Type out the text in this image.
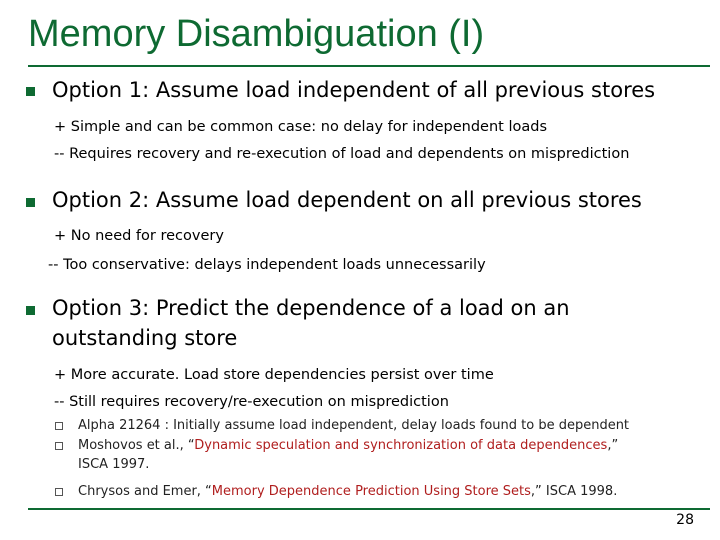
Memory Disambiguation (I)
Option 1: Assume load independent of all previous stores
+ Simple and can be common case: no delay for independent loads
-- Requires recovery and re-execution of load and dependents on misprediction
Option 2: Assume load dependent on all previous stores
+ No need for recovery
-- Too conservative: delays independent loads unnecessarily
Option 3: Predict the dependence of a load on an
outstanding store
+ More accurate. Load store dependencies persist over time
-- Still requires recovery/re-execution on misprediction
Alpha 21264 : Initially assume load independent, delay loads found to be dependent
Moshovos et al., “Dynamic speculation and synchronization of data dependences,”
ISCA 1997.
Chrysos and Emer, “Memory Dependence Prediction Using Store Sets,” ISCA 1998.
28
